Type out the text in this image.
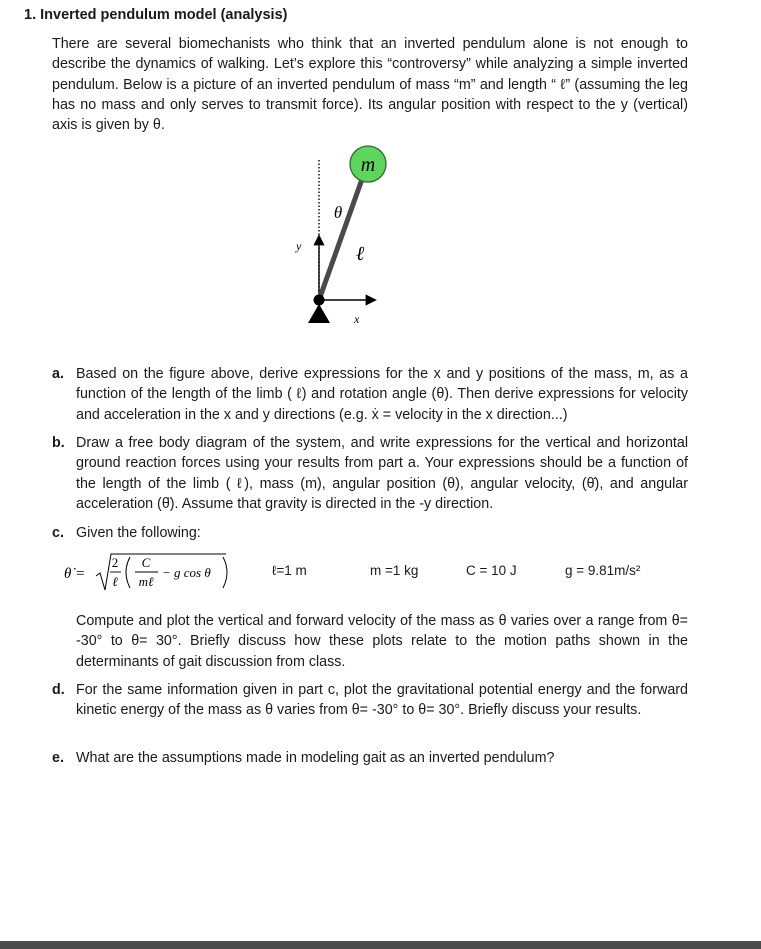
1. Inverted pendulum model (analysis)
There are several biomechanists who think that an inverted pendulum alone is not enough to describe the dynamics of walking. Let’s explore this “controversy” while analyzing a simple inverted pendulum. Below is a picture of an inverted pendulum of mass “m” and length “ ℓ” (assuming the leg has no mass and only serves to transmit force). Its angular position with respect to the y (vertical) axis is given by θ.
m
θ
ℓ
y
x
a. Based on the figure above, derive expressions for the x and y positions of the mass, m, as a function of the length of the limb ( ℓ) and rotation angle (θ). Then derive expressions for velocity and acceleration in the x and y directions (e.g. ẋ = velocity in the x direction...)
b. Draw a free body diagram of the system, and write expressions for the vertical and horizontal ground reaction forces using your results from part a. Your expressions should be a function of the length of the limb ( ℓ), mass (m), angular position (θ), angular velocity, (θ̇), and angular acceleration (θ̈). Assume that gravity is directed in the -y direction.
c. Given the following:
θ̇ =
2
ℓ
C
mℓ
− g cos θ	ℓ=1 m	m =1 kg	C = 10 J	g = 9.81m/s²
Compute and plot the vertical and forward velocity of the mass as θ varies over a range from θ= -30° to θ= 30°. Briefly discuss how these plots relate to the motion paths shown in the determinants of gait discussion from class.
d. For the same information given in part c, plot the gravitational potential energy and the forward kinetic energy of the mass as θ varies from θ= -30° to θ= 30°. Briefly discuss your results.
e. What are the assumptions made in modeling gait as an inverted pendulum?
